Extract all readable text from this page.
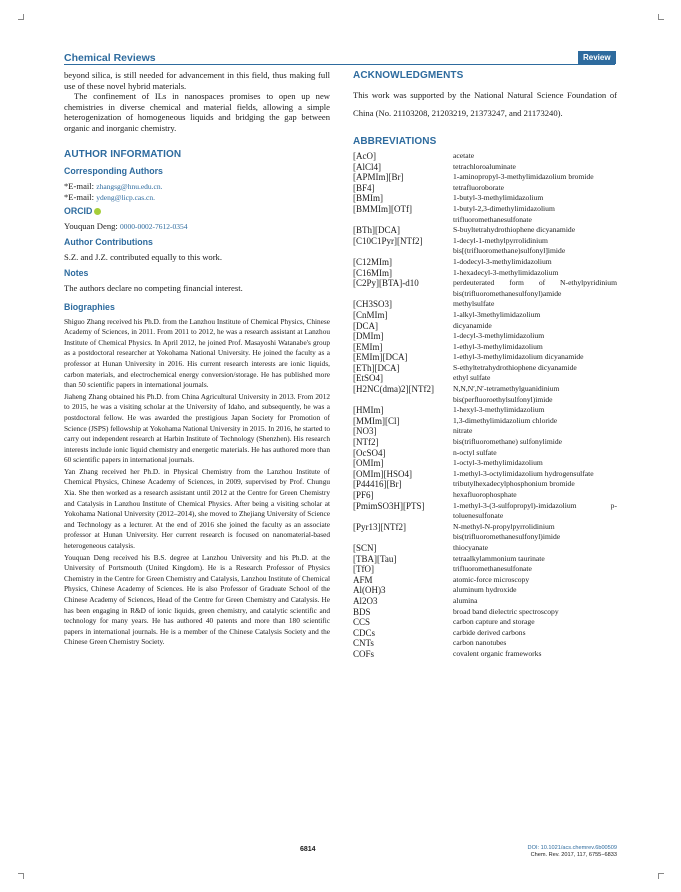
Chemical Reviews	Review

beyond silica, is still needed for advancement in this field, thus making full use of these novel hybrid materials.

The confinement of ILs in nanospaces promises to open up new chemistries in diverse chemical and material fields, allowing a simple heterogenization of homogeneous liquids and bridging the gap between organic and inorganic chemistry.

AUTHOR INFORMATION
Corresponding Authors

*E-mail: zhangsg@hnu.edu.cn.

*E-mail: ydeng@licp.cas.cn.

ORCID

Youquan Deng: 0000-0002-7612-0354

Author Contributions

S.Z. and J.Z. contributed equally to this work.

Notes

The authors declare no competing financial interest.

Biographies

Shiguo Zhang received his Ph.D. from the Lanzhou Institute of Chemical Physics, Chinese Academy of Sciences, in 2011. From 2011 to 2012, he was a research assistant at Lanzhou Institute of Chemical Physics. In April 2012, he joined Prof. Masayoshi Watanabe's group as a postdoctoral researcher at Yokohama National University. He joined the faculty as a professor at Hunan University in 2016. His current research interests are ionic liquids, carbon materials, and electrochemical energy conversion/storage. He has published more than 50 scientific papers in international journals.

Jiaheng Zhang obtained his Ph.D. from China Agricultural University in 2013. From 2012 to 2015, he was a visiting scholar at the University of Idaho, and subsequently, he was a postdoctoral fellow. He was awarded the prestigious Japan Society for Promotion of Science (JSPS) fellowship at Yokohama National University in 2015. In 2016, he started to carry out independent research at Harbin Institute of Technology (Shenzhen). His research interests include ionic liquid chemistry and energetic materials. He has authored more than 60 scientific papers in international journals.

Yan Zhang received her Ph.D. in Physical Chemistry from the Lanzhou Institute of Chemical Physics, Chinese Academy of Sciences, in 2009, supervised by Prof. Chungu Xia. She then worked as a research assistant until 2012 at the Centre for Green Chemistry and Catalysis in Lanzhou Institute of Chemical Physics. After being a visiting scholar at Yokohama National University (2012–2014), she moved to Zhejiang University of Science and Technology as a lecturer. At the end of 2016 she joined the faculty as an associate professor at Hunan University. Her current research is focused on nanomaterial-based heterogeneous catalysis.

Youquan Deng received his B.S. degree at Lanzhou University and his Ph.D. at the University of Portsmouth (United Kingdom). He is a Research Professor of Physics Chemistry in the Centre for Green Chemistry and Catalysis, Lanzhou Institute of Chemical Physics, Chinese Academy of Sciences. He is also Professor of Graduate School of the Chinese Academy of Sciences, Head of the Centre for Green Chemistry and Catalysis. He has been engaging in R&D of ionic liquids, green chemistry, and catalytic scientific and technology for many years. He has authored 40 patents and more than 180 scientific papers in international journals. He is a member of the Chinese Catalysis Society and the Chinese Green Chemistry Society.

ACKNOWLEDGMENTS

This work was supported by the National Natural Science Foundation of China (No. 21103208, 21203219, 21373247, and 21173240).

ABBREVIATIONS
[AcO]	acetate
[AlCl4]	tetrachloroaluminate
[APMIm][Br]	1-aminopropyl-3-methylimidazolium bromide
[BF4]	tetrafluoroborate
[BMIm]	1-butyl-3-methylimidazolium
[BMMIm][OTf]	1-butyl-2,3-dimethylimidazolium trifluoromethanesulfonate
[BTh][DCA]	S-buyltetrahydrothiophene dicyanamide
[C10C1Pyr][NTf2]	1-decyl-1-methylpyrrolidinium bis[(trifluoromethane)sulfonyl]imide
[C12MIm]	1-dodecyl-3-methylimidazolium
[C16MIm]	1-hexadecyl-3-methylimidazolium
[C2Py][BTA]-d10	perdeuterated form of N-ethylpyridinium bis(trifluoromethanesulfonyl)amide
[CH3SO3]	methylsulfate
[CnMIm]	1-alkyl-3methylimidazolium
[DCA]	dicyanamide
[DMIm]	1-decyl-3-methylimidazolium
[EMIm]	1-ethyl-3-methylimidazolium
[EMIm][DCA]	1-ethyl-3-methylimidazolium dicyanamide
[ETh][DCA]	S-ethyltetrahydrothiophene dicyanamide
[EtSO4]	ethyl sulfate
[H2NC(dma)2][NTf2]	N,N,N′,N′-tetramethylguanidinium bis(perfluoroethylsulfonyl)imide
[HMIm]	1-hexyl-3-methylimidazolium
[MMIm][Cl]	1,3-dimethylimidazolium chloride
[NO3]	nitrate
[NTf2]	bis(trifluoromethane) sulfonylimide
[OcSO4]	n-octyl sulfate
[OMIm]	1-octyl-3-methylimidazolium
[OMIm][HSO4]	1-methyl-3-octylimidazolium hydrogensulfate
[P44416][Br]	tributylhexadecylphosphonium bromide
[PF6]	hexafluorophosphate
[PmimSO3H][PTS]	1-methyl-3-(3-sulfopropyl)-imidazolium p-toluenesulfonate
[Pyr13][NTf2]	N-methyl-N-propylpyrrolidinium bis(trifluoromethanesulfonyl)imide
[SCN]	thiocyanate
[TBA][Tau]	tetraalkylammonium taurinate
[TfO]	trifluoromethanesulfonate
AFM	atomic-force microscopy
Al(OH)3	aluminum hydroxide
Al2O3	alumina
BDS	broad band dielectric spectroscopy
CCS	carbon capture and storage
CDCs	carbide derived carbons
CNTs	carbon nanotubes
COFs	covalent organic frameworks
6814	DOI: 10.1021/acs.chemrev.6b00509
Chem. Rev. 2017, 117, 6755−6833
